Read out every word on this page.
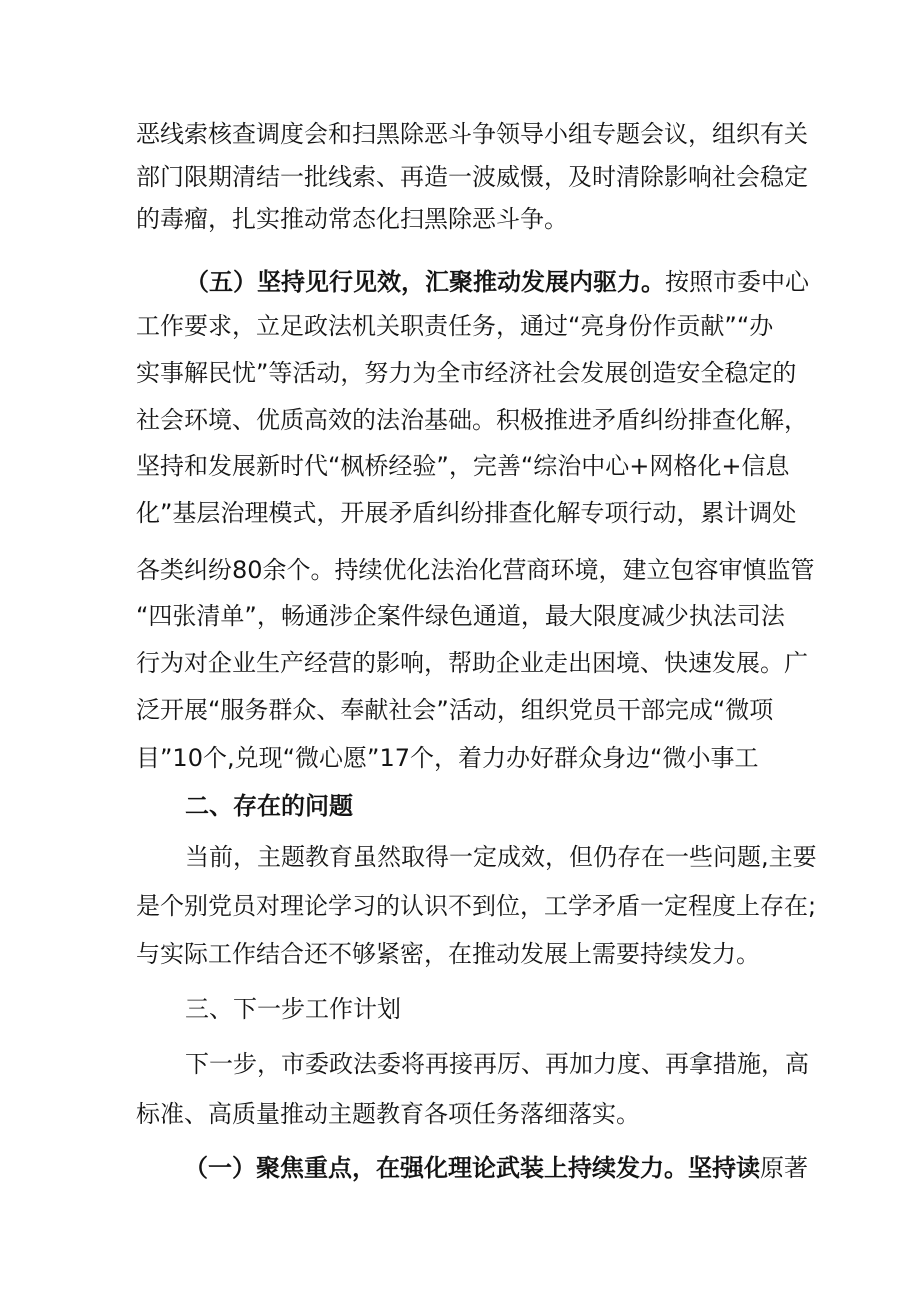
恶线索核查调度会和扫黑除恶斗争领导小组专题会议，组织有关
部门限期清结一批线索、再造一波威慑，及时清除影响社会稳定
的毒瘤，扎实推动常态化扫黑除恶斗争。
（五）坚持见行见效，汇聚推动发展内驱力。按照市委中心
工作要求，立足政法机关职责任务，通过“亮身份作贡献”“办
实事解民忧”等活动，努力为全市经济社会发展创造安全稳定的
社会环境、优质高效的法治基础。积极推进矛盾纠纷排查化解，
坚持和发展新时代“枫桥经验”，完善“综治中心+网格化+信息
化”基层治理模式，开展矛盾纠纷排查化解专项行动，累计调处
各类纠纷80余个。持续优化法治化营商环境，建立包容审慎监管
“四张清单”，畅通涉企案件绿色通道，最大限度减少执法司法
行为对企业生产经营的影响，帮助企业走出困境、快速发展。广
泛开展“服务群众、奉献社会”活动，组织党员干部完成“微项
目”10个,兑现“微心愿”17个，着力办好群众身边“微小事工
二、存在的问题
当前，主题教育虽然取得一定成效，但仍存在一些问题,主要
是个别党员对理论学习的认识不到位，工学矛盾一定程度上存在;
与实际工作结合还不够紧密，在推动发展上需要持续发力。
三、下一步工作计划
下一步，市委政法委将再接再厉、再加力度、再拿措施，高
标准、高质量推动主题教育各项任务落细落实。
（一）聚焦重点，在强化理论武装上持续发力。坚持读原著
